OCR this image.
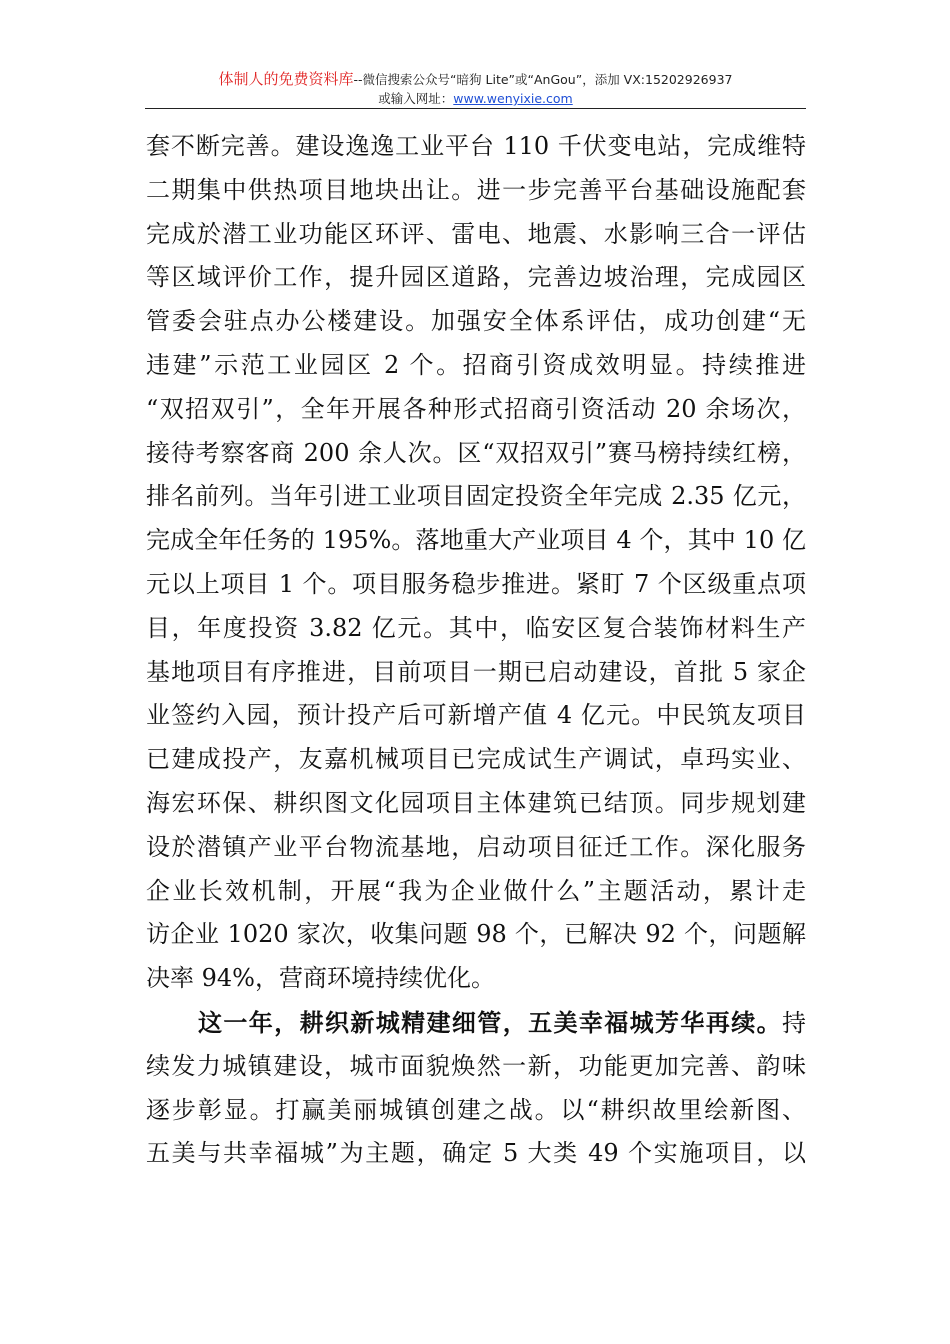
体制人的免费资料库--微信搜索公众号“暗狗 Lite”或“AnGou”，添加 VX:15202926937
或输入网址：www.wenyixie.com
套不断完善。建设逸逸工业平台 110 千伏变电站，完成维特
二期集中供热项目地块出让。进一步完善平台基础设施配套
完成於潜工业功能区环评、雷电、地震、水影响三合一评估
等区域评价工作，提升园区道路，完善边坡治理，完成园区
管委会驻点办公楼建设。加强安全体系评估，成功创建“无
违建”示范工业园区 2 个。招商引资成效明显。持续推进
“双招双引”，全年开展各种形式招商引资活动 20 余场次，
接待考察客商 200 余人次。区“双招双引”赛马榜持续红榜，
排名前列。当年引进工业项目固定投资全年完成 2.35 亿元，
完成全年任务的 195%。落地重大产业项目 4 个，其中 10 亿
元以上项目 1 个。项目服务稳步推进。紧盯 7 个区级重点项
目，年度投资 3.82 亿元。其中，临安区复合装饰材料生产
基地项目有序推进，目前项目一期已启动建设，首批 5 家企
业签约入园，预计投产后可新增产值 4 亿元。中民筑友项目
已建成投产，友嘉机械项目已完成试生产调试，卓玛实业、
海宏环保、耕织图文化园项目主体建筑已结顶。同步规划建
设於潜镇产业平台物流基地，启动项目征迁工作。深化服务
企业长效机制，开展“我为企业做什么”主题活动，累计走
访企业 1020 家次，收集问题 98 个，已解决 92 个，问题解
决率 94%，营商环境持续优化。
这一年，耕织新城精建细管，五美幸福城芳华再续。持
续发力城镇建设，城市面貌焕然一新，功能更加完善、韵味
逐步彰显。打赢美丽城镇创建之战。以“耕织故里绘新图、
五美与共幸福城”为主题，确定 5 大类 49 个实施项目，以
